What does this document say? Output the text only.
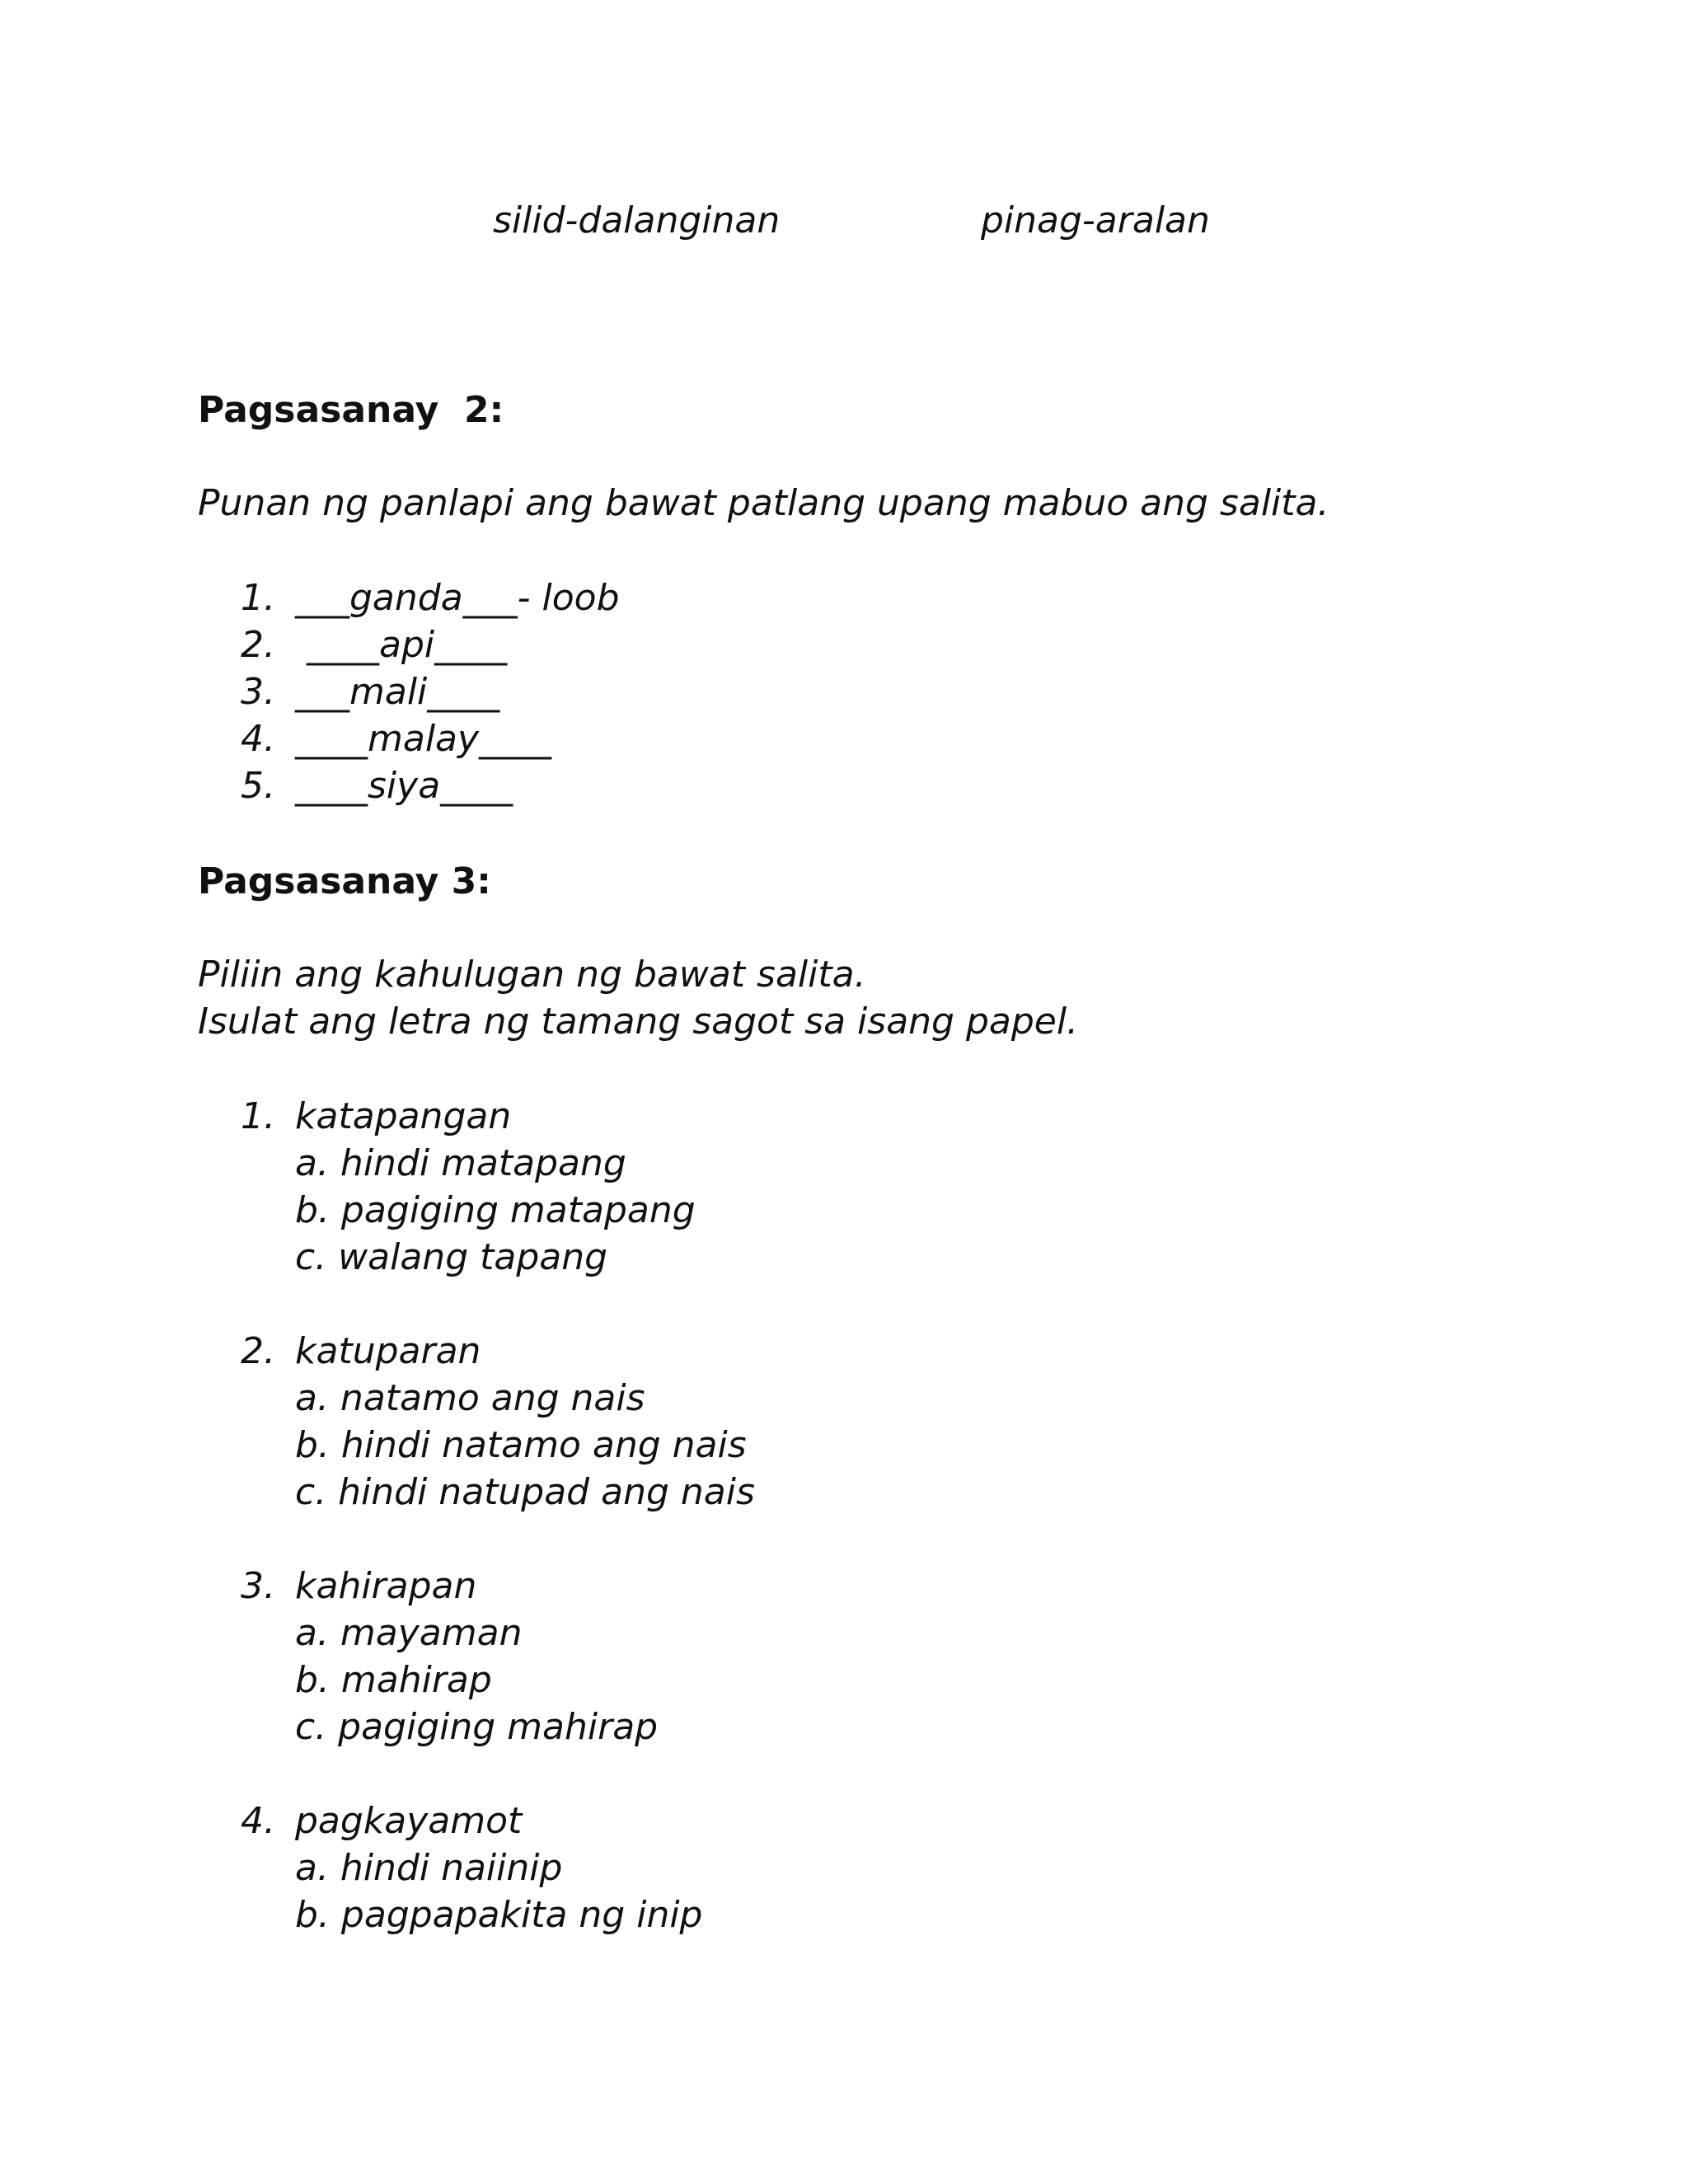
silid-dalanginan	pinag-aralan
Pagsasanay  2:
Punan ng panlapi ang bawat patlang upang mabuo ang salita.
1. ___ganda___- loob
2. ____api____
3. ___mali____
4. ____malay____
5. ____siya____
Pagsasanay 3:
Piliin ang kahulugan ng bawat salita.
Isulat ang letra ng tamang sagot sa isang papel.
1. katapangan
a. hindi matapang
b. pagiging matapang
c. walang tapang
2. katuparan
a. natamo ang nais
b. hindi natamo ang nais
c. hindi natupad ang nais
3. kahirapan
a. mayaman
b. mahirap
c. pagiging mahirap
4. pagkayamot
a. hindi naiinip
b. pagpapakita ng inip
